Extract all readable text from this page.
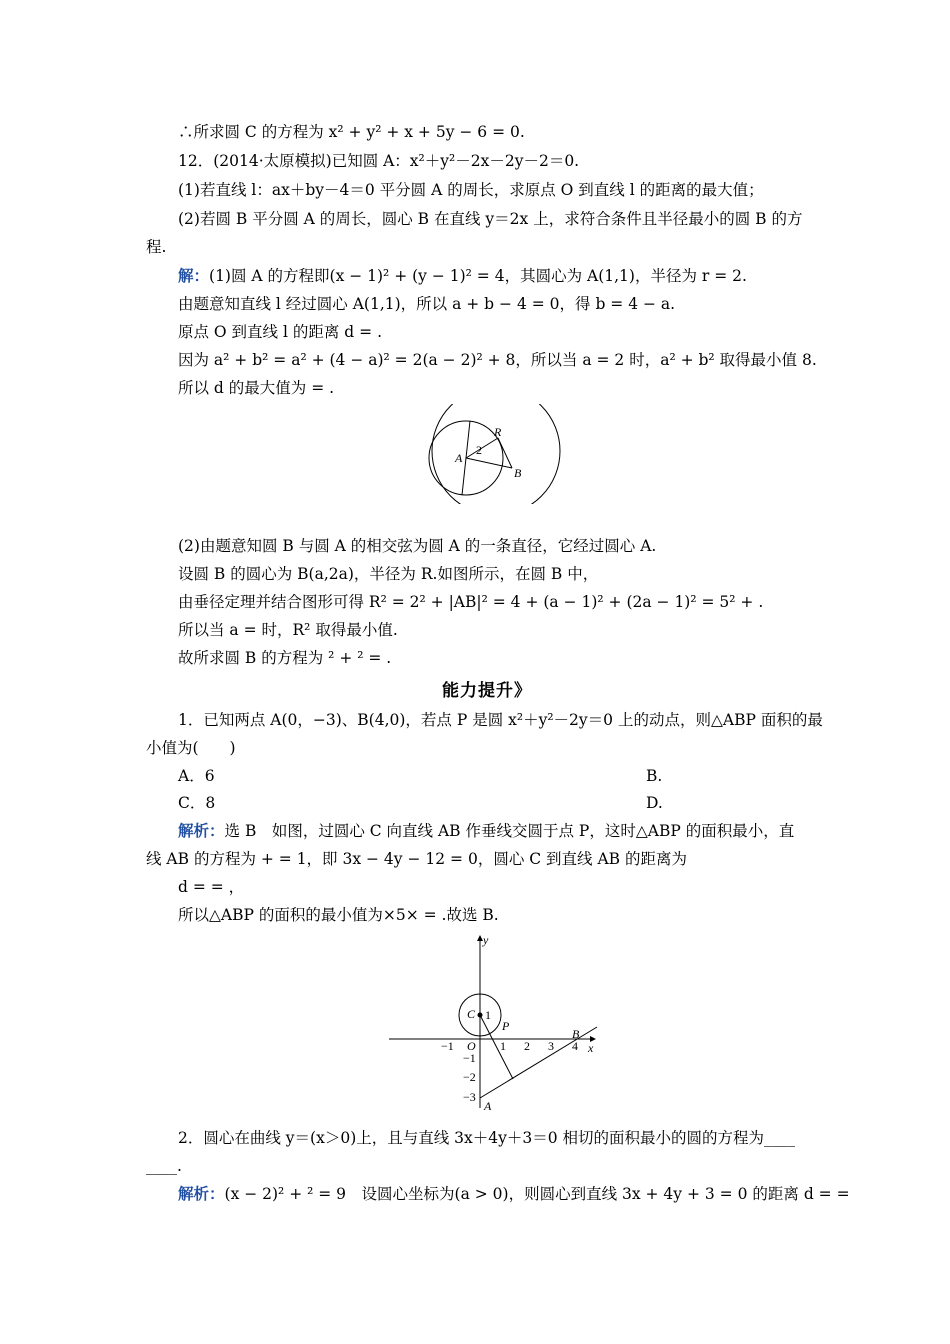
∴所求圆 C 的方程为 x² + y² + x + 5y − 6 = 0.
12．(2014·太原模拟)已知圆 A：x²＋y²－2x－2y－2＝0.
(1)若直线 l：ax＋by－4＝0 平分圆 A 的周长，求原点 O 到直线 l 的距离的最大值；
(2)若圆 B 平分圆 A 的周长，圆心 B 在直线 y＝2x 上，求符合条件且半径最小的圆 B 的方
程.
解：(1)圆 A 的方程即(x − 1)² + (y − 1)² = 4，其圆心为 A(1,1)，半径为 r = 2.
由题意知直线 l 经过圆心 A(1,1)，所以 a + b − 4 = 0，得 b = 4 − a.
原点 O 到直线 l 的距离 d = .
因为 a² + b² = a² + (4 − a)² = 2(a − 2)² + 8，所以当 a = 2 时，a² + b² 取得最小值 8.
所以 d 的最大值为 = .
A
B
R
2
(2)由题意知圆 B 与圆 A 的相交弦为圆 A 的一条直径，它经过圆心 A.
设圆 B 的圆心为 B(a,2a)，半径为 R.如图所示，在圆 B 中，
由垂径定理并结合图形可得 R² = 2² + |AB|² = 4 + (a − 1)² + (2a − 1)² = 5² + .
所以当 a = 时，R² 取得最小值.
故所求圆 B 的方程为 ² + ² = .
能力提升》
1．已知两点 A(0，−3)、B(4,0)，若点 P 是圆 x²＋y²－2y＝0 上的动点，则△ABP 面积的最
小值为(　　)
A．6	B.
C．8	D.
解析：选 B　如图，过圆心 C 向直线 AB 作垂线交圆于点 P，这时△ABP 的面积最小，直
线 AB 的方程为 + = 1，即 3x − 4y − 12 = 0，圆心 C 到直线 AB 的距离为
d = = ，
所以△ABP 的面积的最小值为×5× = .故选 B.
y
x
O
−1	1 2 3 4
1
−1
−2
−3
C
P
B
A
2．圆心在曲线 y＝(x＞0)上，且与直线 3x＋4y＋3＝0 相切的面积最小的圆的方程为____
____.
解析：(x − 2)² + ² = 9　设圆心坐标为(a > 0)，则圆心到直线 3x + 4y + 3 = 0 的距离 d = =
